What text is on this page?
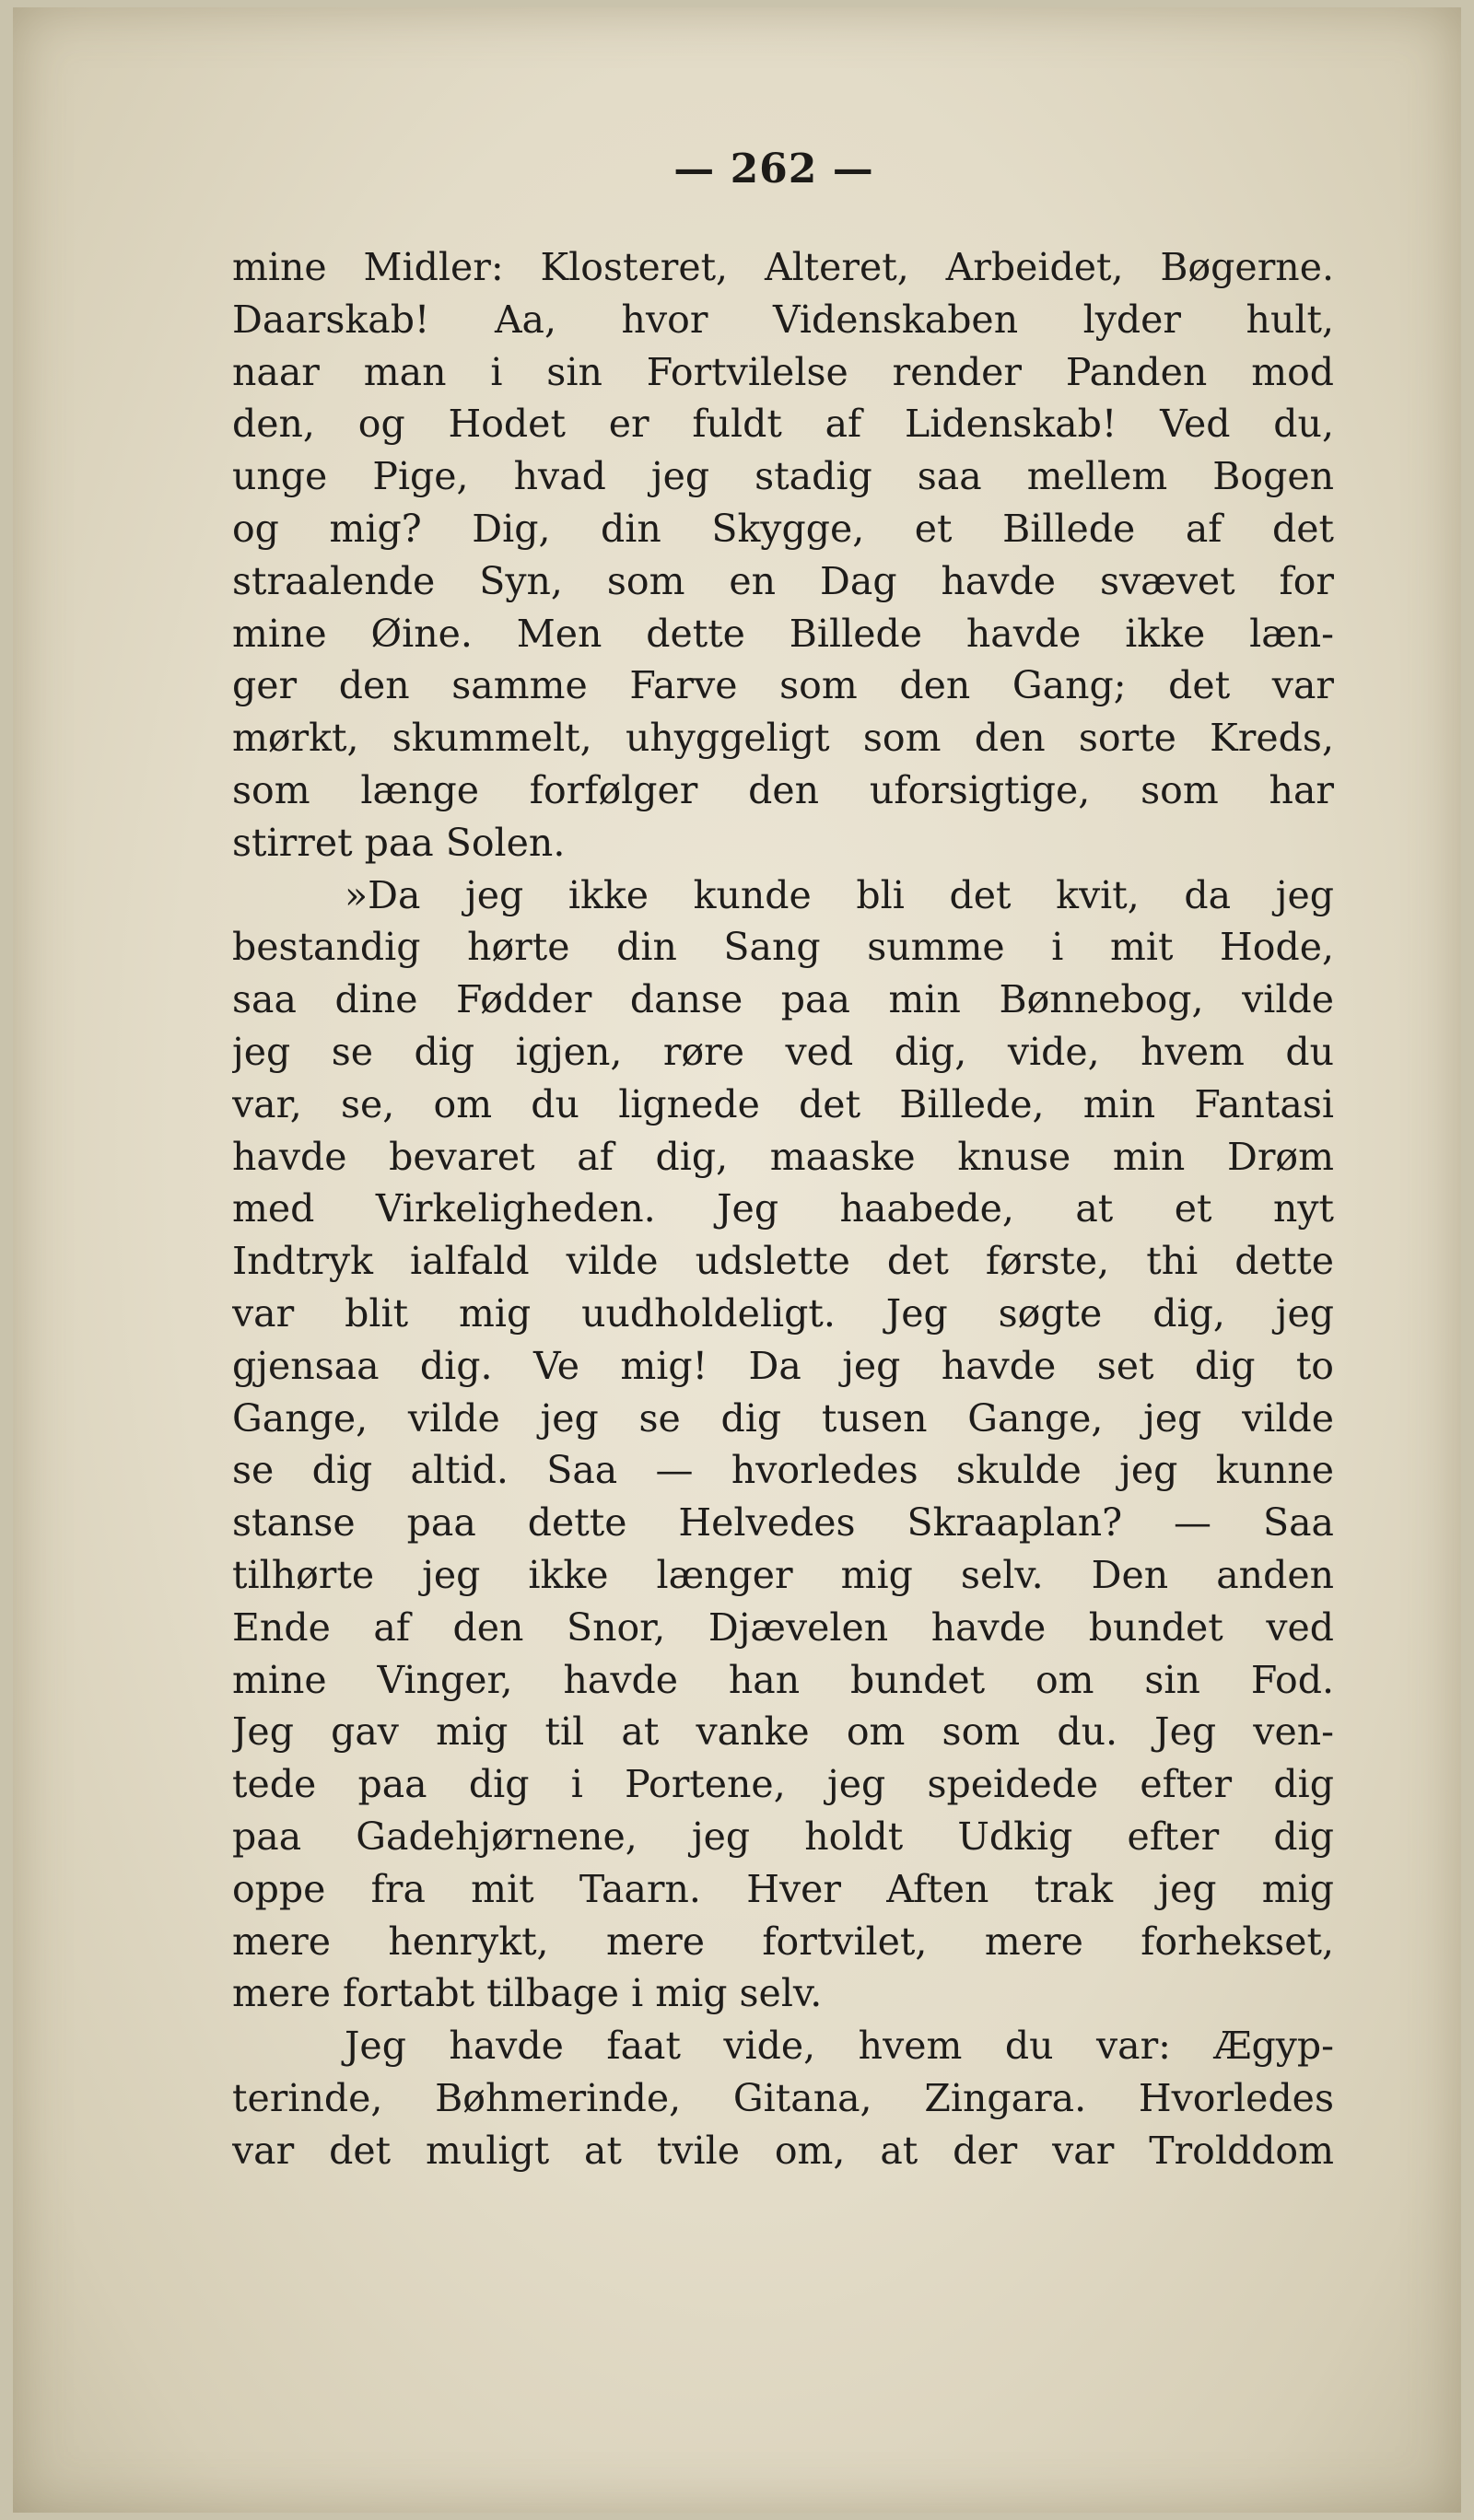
— 262 —
mine Midler: Klosteret, Alteret, Arbeidet, Bøgerne.
Daarskab! Aa, hvor Videnskaben lyder hult,
naar man i sin Fortvilelse render Panden mod
den, og Hodet er fuldt af Lidenskab! Ved du,
unge Pige, hvad jeg stadig saa mellem Bogen
og mig? Dig, din Skygge, et Billede af det
straalende Syn, som en Dag havde svævet for
mine Øine. Men dette Billede havde ikke læn-
ger den samme Farve som den Gang; det var
mørkt, skummelt, uhyggeligt som den sorte Kreds,
som længe forfølger den uforsigtige, som har
stirret paa Solen.
»Da jeg ikke kunde bli det kvit, da jeg
bestandig hørte din Sang summe i mit Hode,
saa dine Fødder danse paa min Bønnebog, vilde
jeg se dig igjen, røre ved dig, vide, hvem du
var, se, om du lignede det Billede, min Fantasi
havde bevaret af dig, maaske knuse min Drøm
med Virkeligheden. Jeg haabede, at et nyt
Indtryk ialfald vilde udslette det første, thi dette
var blit mig uudholdeligt. Jeg søgte dig, jeg
gjensaa dig. Ve mig! Da jeg havde set dig to
Gange, vilde jeg se dig tusen Gange, jeg vilde
se dig altid. Saa — hvorledes skulde jeg kunne
stanse paa dette Helvedes Skraaplan? — Saa
tilhørte jeg ikke længer mig selv. Den anden
Ende af den Snor, Djævelen havde bundet ved
mine Vinger, havde han bundet om sin Fod.
Jeg gav mig til at vanke om som du. Jeg ven-
tede paa dig i Portene, jeg speidede efter dig
paa Gadehjørnene, jeg holdt Udkig efter dig
oppe fra mit Taarn. Hver Aften trak jeg mig
mere henrykt, mere fortvilet, mere forhekset,
mere fortabt tilbage i mig selv.
Jeg havde faat vide, hvem du var: Ægyp-
terinde, Bøhmerinde, Gitana, Zingara. Hvorledes
var det muligt at tvile om, at der var Trolddom
